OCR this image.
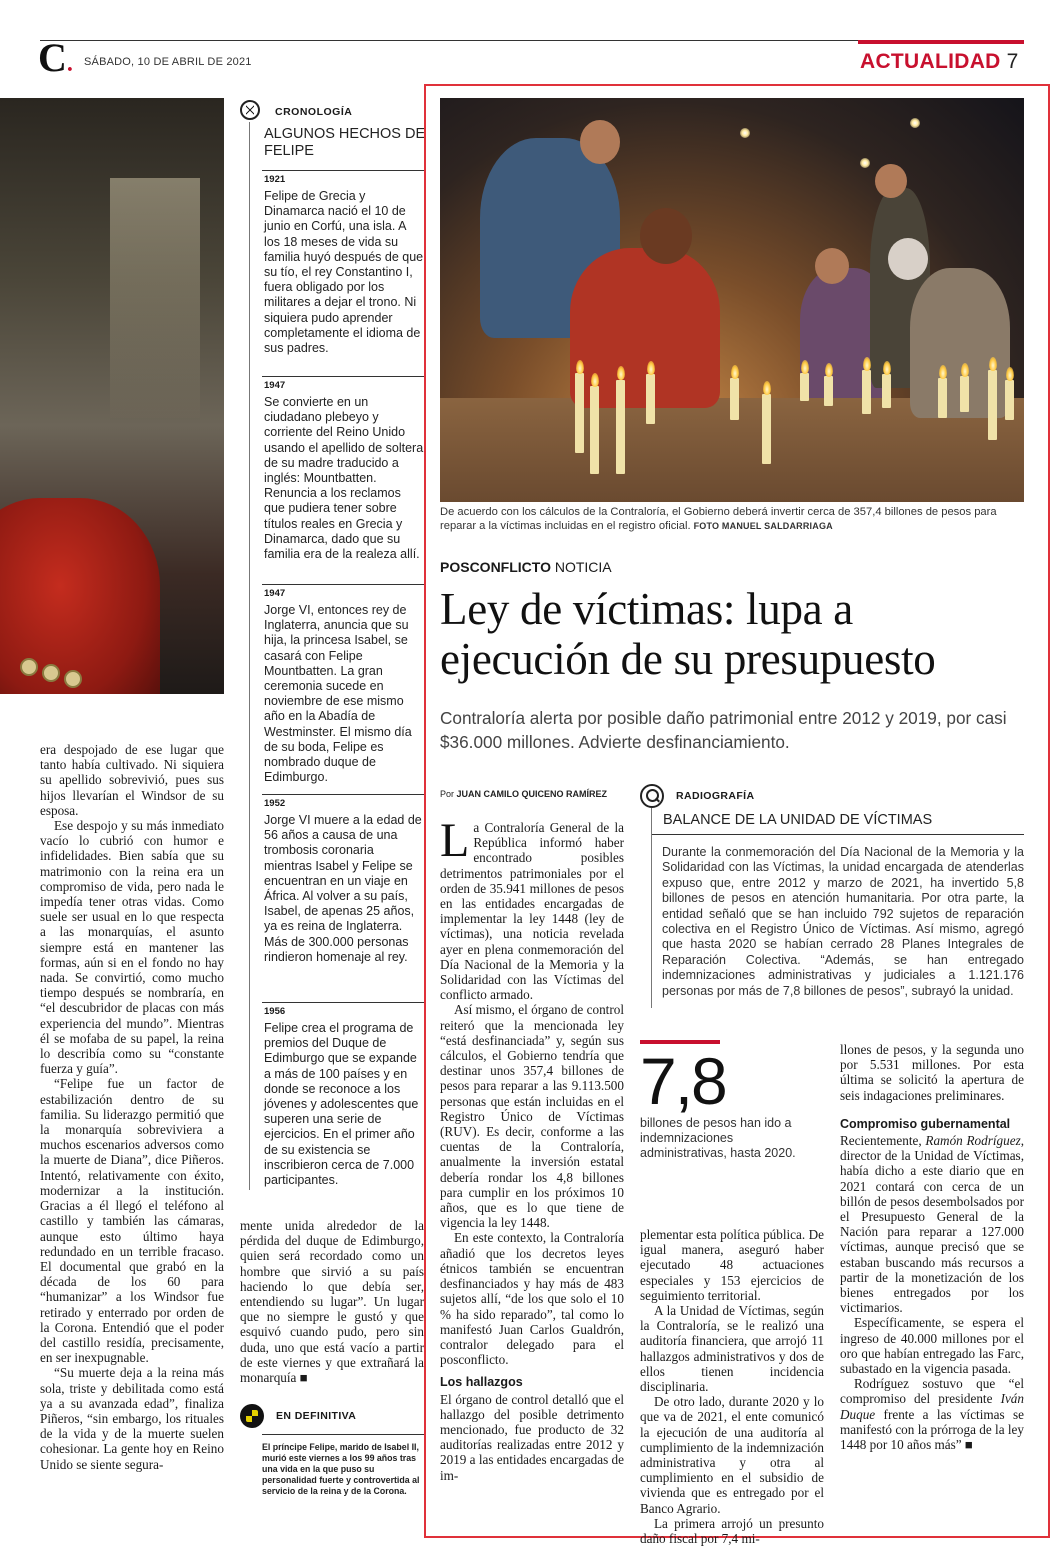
C. SÁBADO, 10 DE ABRIL DE 2021	ACTUALIDAD 7

era despojado de ese lugar que tanto había cultivado. Ni siquiera su apellido sobrevivió, pues sus hijos llevarían el Windsor de su esposa.

Ese despojo y su más inmediato vacío lo cubrió con humor e infidelidades. Bien sabía que su matrimonio con la reina era un compromiso de vida, pero nada le impedía tener otras vidas. Como suele ser usual en lo que respecta a las monarquías, el asunto siempre está en mantener las formas, aún si en el fondo no hay nada. Se convirtió, como mucho tiempo después se nombraría, en “el descubridor de placas con más experiencia del mundo”. Mientras él se mofaba de su papel, la reina lo describía como su “constante fuerza y guía”.

“Felipe fue un factor de estabilización dentro de su familia. Su liderazgo permitió que la monarquía sobreviviera a muchos escenarios adversos como la muerte de Diana”, dice Piñeros. Intentó, relativamente con éxito, modernizar a la institución. Gracias a él llegó el teléfono al castillo y también las cámaras, aunque esto último haya redundado en un terrible fracaso. El documental que grabó en la década de los 60 para “humanizar” a los Windsor fue retirado y enterrado por orden de la Corona. Entendió que el poder del castillo residía, precisamente, en ser inexpugnable.

“Su muerte deja a la reina más sola, triste y debilitada como está ya a su avanzada edad”, finaliza Piñeros, “sin embargo, los rituales de la vida y de la muerte suelen cohesionar. La gente hoy en Reino Unido se siente segura-

CRONOLOGÍA
ALGUNOS HECHOS DE FELIPE
1921
Felipe de Grecia y Dinamarca nació el 10 de junio en Corfú, una isla. A los 18 meses de vida su familia huyó después de que su tío, el rey Constantino I, fuera obligado por los militares a dejar el trono. Ni siquiera pudo aprender completamente el idioma de sus padres.
1947
Se convierte en un ciudadano plebeyo y corriente del Reino Unido usando el apellido de soltera de su madre traducido a inglés: Mountbatten. Renuncia a los reclamos que pudiera tener sobre títulos reales en Grecia y Dinamarca, dado que su familia era de la realeza allí.
1947
Jorge VI, entonces rey de Inglaterra, anuncia que su hija, la princesa Isabel, se casará con Felipe Mountbatten. La gran ceremonia sucede en noviembre de ese mismo año en la Abadía de Westminster. El mismo día de su boda, Felipe es nombrado duque de Edimburgo.
1952
Jorge VI muere a la edad de 56 años a causa de una trombosis coronaria mientras Isabel y Felipe se encuentran en un viaje en África. Al volver a su país, Isabel, de apenas 25 años, ya es reina de Inglaterra. Más de 300.000 personas rindieron homenaje al rey.
1956
Felipe crea el programa de premios del Duque de Edimburgo que se expande a más de 100 países y en donde se reconoce a los jóvenes y adolescentes que superen una serie de ejercicios. En el primer año de su existencia se inscribieron cerca de 7.000 participantes.

mente unida alrededor de la pérdida del duque de Edimburgo, quien será recordado como un hombre que sirvió a su país haciendo lo que debía ser, entendiendo su lugar”. Un lugar que no siempre le gustó y que esquivó cuando pudo, pero sin duda, uno que está vacío a partir de este viernes y que extrañará la monarquía ■

EN DEFINITIVA
El príncipe Felipe, marido de Isabel II, murió este viernes a los 99 años tras una vida en la que puso su personalidad fuerte y controvertida al servicio de la reina y de la Corona.
De acuerdo con los cálculos de la Contraloría, el Gobierno deberá invertir cerca de 357,4 billones de pesos para reparar a la víctimas incluidas en el registro oficial. FOTO MANUEL SALDARRIAGA
POSCONFLICTO NOTICIA
Ley de víctimas: lupa a ejecución de su presupuesto
Contraloría alerta por posible daño patrimonial entre 2012 y 2019, por casi $36.000 millones. Advierte desfinanciamiento.
Por JUAN CAMILO QUICENO RAMÍREZ

La Contraloría General de la República informó haber encontrado posibles detrimentos patrimoniales por el orden de 35.941 millones de pesos en las entidades encargadas de implementar la ley 1448 (ley de víctimas), una noticia revelada ayer en plena conmemoración del Día Nacional de la Memoria y la Solidaridad con las Víctimas del conflicto armado.

Así mismo, el órgano de control reiteró que la mencionada ley “está desfinanciada” y, según sus cálculos, el Gobierno tendría que destinar unos 357,4 billones de pesos para reparar a las 9.113.500 personas que están incluidas en el Registro Único de Víctimas (RUV). Es decir, conforme a las cuentas de la Contraloría, anualmente la inversión estatal debería rondar los 4,8 billones para cumplir en los próximos 10 años, que es lo que tiene de vigencia la ley 1448.

En este contexto, la Contraloría añadió que los decretos leyes étnicos también se encuentran desfinanciados y hay más de 483 sujetos allí, “de los que solo el 10 % ha sido reparado”, tal como lo manifestó Juan Carlos Gualdrón, contralor delegado para el posconflicto.

Los hallazgos

El órgano de control detalló que el hallazgo del posible detrimento mencionado, fue producto de 32 auditorías realizadas entre 2012 y 2019 a las entidades encargadas de im-

RADIOGRAFÍA
BALANCE DE LA UNIDAD DE VÍCTIMAS
Durante la conmemoración del Día Nacional de la Memoria y la Solidaridad con las Víctimas, la unidad encargada de atenderlas expuso que, entre 2012 y marzo de 2021, ha invertido 5,8 billones de pesos en atención humanitaria. Por otra parte, la entidad señaló que se han incluido 792 sujetos de reparación colectiva en el Registro Único de Víctimas. Así mismo, agregó que hasta 2020 se habían cerrado 28 Planes Integrales de Reparación Colectiva. “Además, se han entregado indemnizaciones administrativas y judiciales a 1.121.176 personas por más de 7,8 billones de pesos”, subrayó la unidad.
7,8
billones de pesos han ido a indemnizaciones administrativas, hasta 2020.

plementar esta política pública. De igual manera, aseguró haber ejecutado 48 actuaciones especiales y 153 ejercicios de seguimiento territorial.

A la Unidad de Víctimas, según la Contraloría, se le realizó una auditoría financiera, que arrojó 11 hallazgos administrativos y dos de ellos tienen incidencia disciplinaria.

De otro lado, durante 2020 y lo que va de 2021, el ente comunicó la ejecución de una auditoría al cumplimiento de la indemnización administrativa y otra al cumplimiento en el subsidio de vivienda que es entregado por el Banco Agrario.

La primera arrojó un presunto daño fiscal por 7,4 mi-

llones de pesos, y la segunda uno por 5.531 millones. Por esta última se solicitó la apertura de seis indagaciones preliminares.

Compromiso gubernamental

Recientemente, Ramón Rodríguez, director de la Unidad de Víctimas, había dicho a este diario que en 2021 contará con cerca de un billón de pesos desembolsados por el Presupuesto General de la Nación para reparar a 127.000 víctimas, aunque precisó que se estaban buscando más recursos a partir de la monetización de los bienes entregados por los victimarios.

Específicamente, se espera el ingreso de 40.000 millones por el oro que habían entregado las Farc, subastado en la vigencia pasada.

Rodríguez sostuvo que “el compromiso del presidente Iván Duque frente a las víctimas se manifestó con la prórroga de la ley 1448 por 10 años más” ■
